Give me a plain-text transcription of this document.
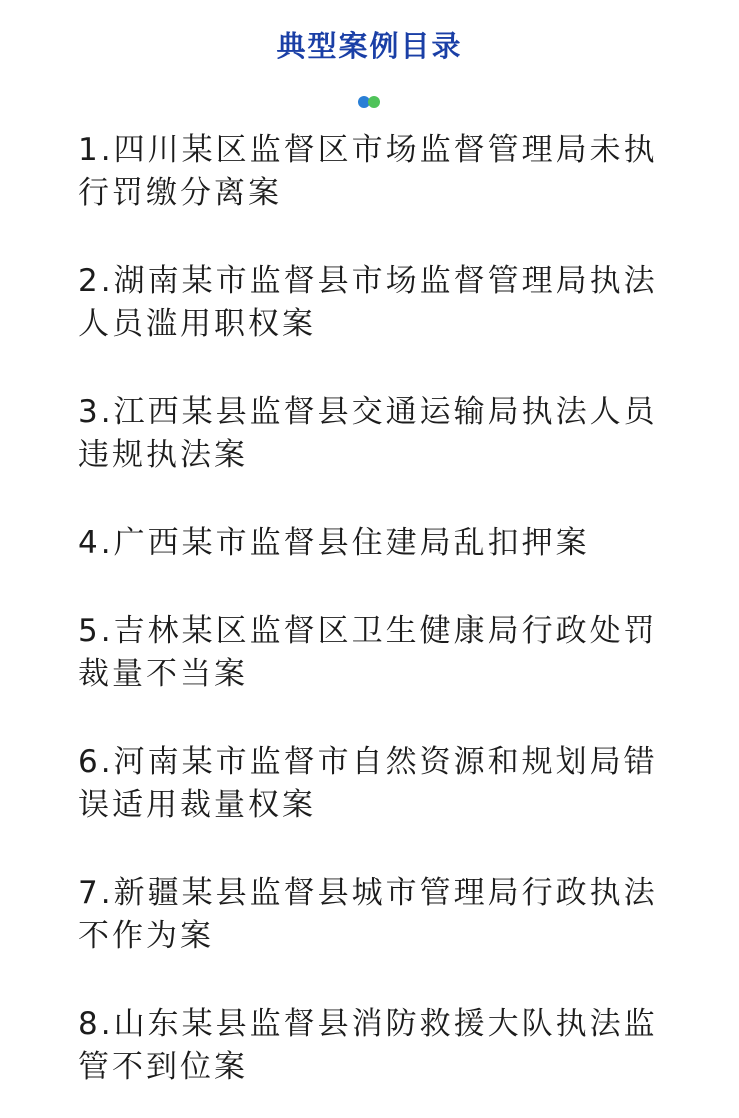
典型案例目录
1.四川某区监督区市场监督管理局未执行罚缴分离案
2.湖南某市监督县市场监督管理局执法人员滥用职权案
3.江西某县监督县交通运输局执法人员违规执法案
4.广西某市监督县住建局乱扣押案
5.吉林某区监督区卫生健康局行政处罚裁量不当案
6.河南某市监督市自然资源和规划局错误适用裁量权案
7.新疆某县监督县城市管理局行政执法不作为案
8.山东某县监督县消防救援大队执法监管不到位案
